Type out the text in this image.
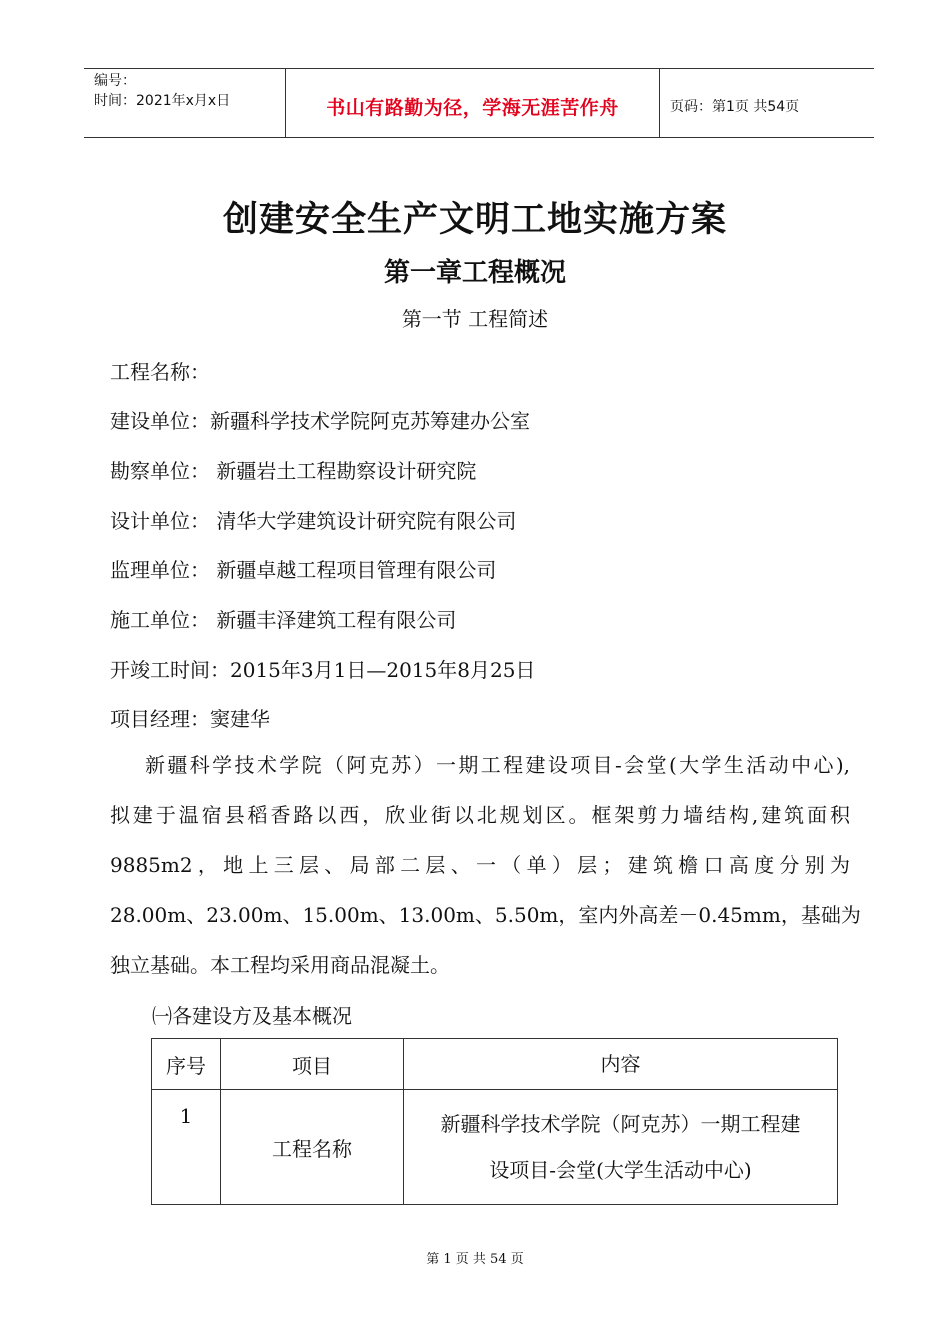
编号：
时间：2021年x月x日	书山有路勤为径，学海无涯苦作舟	页码：第1页 共54页
创建安全生产文明工地实施方案
第一章工程概况
第一节 工程简述
工程名称：
建设单位：新疆科学技术学院阿克苏筹建办公室
勘察单位： 新疆岩土工程勘察设计研究院
设计单位： 清华大学建筑设计研究院有限公司
监理单位： 新疆卓越工程项目管理有限公司
施工单位： 新疆丰泽建筑工程有限公司
开竣工时间：2015年3月1日—2015年8月25日
项目经理：窦建华
新疆科学技术学院（阿克苏）一期工程建设项目-会堂(大学生活动中心),
拟建于温宿县稻香路以西，欣业街以北规划区。框架剪力墙结构,建筑面积
9885m2，地上三层、局部二层、一（单）层；建筑檐口高度分别为
28.00m、23.00m、15.00m、13.00m、5.50m，室内外高差－0.45mm，基础为
独立基础。本工程均采用商品混凝土。
㈠各建设方及基本概况
序号	项目	内容
1	工程名称	新疆科学技术学院（阿克苏）一期工程建
设项目-会堂(大学生活动中心)
第 1 页 共 54 页
